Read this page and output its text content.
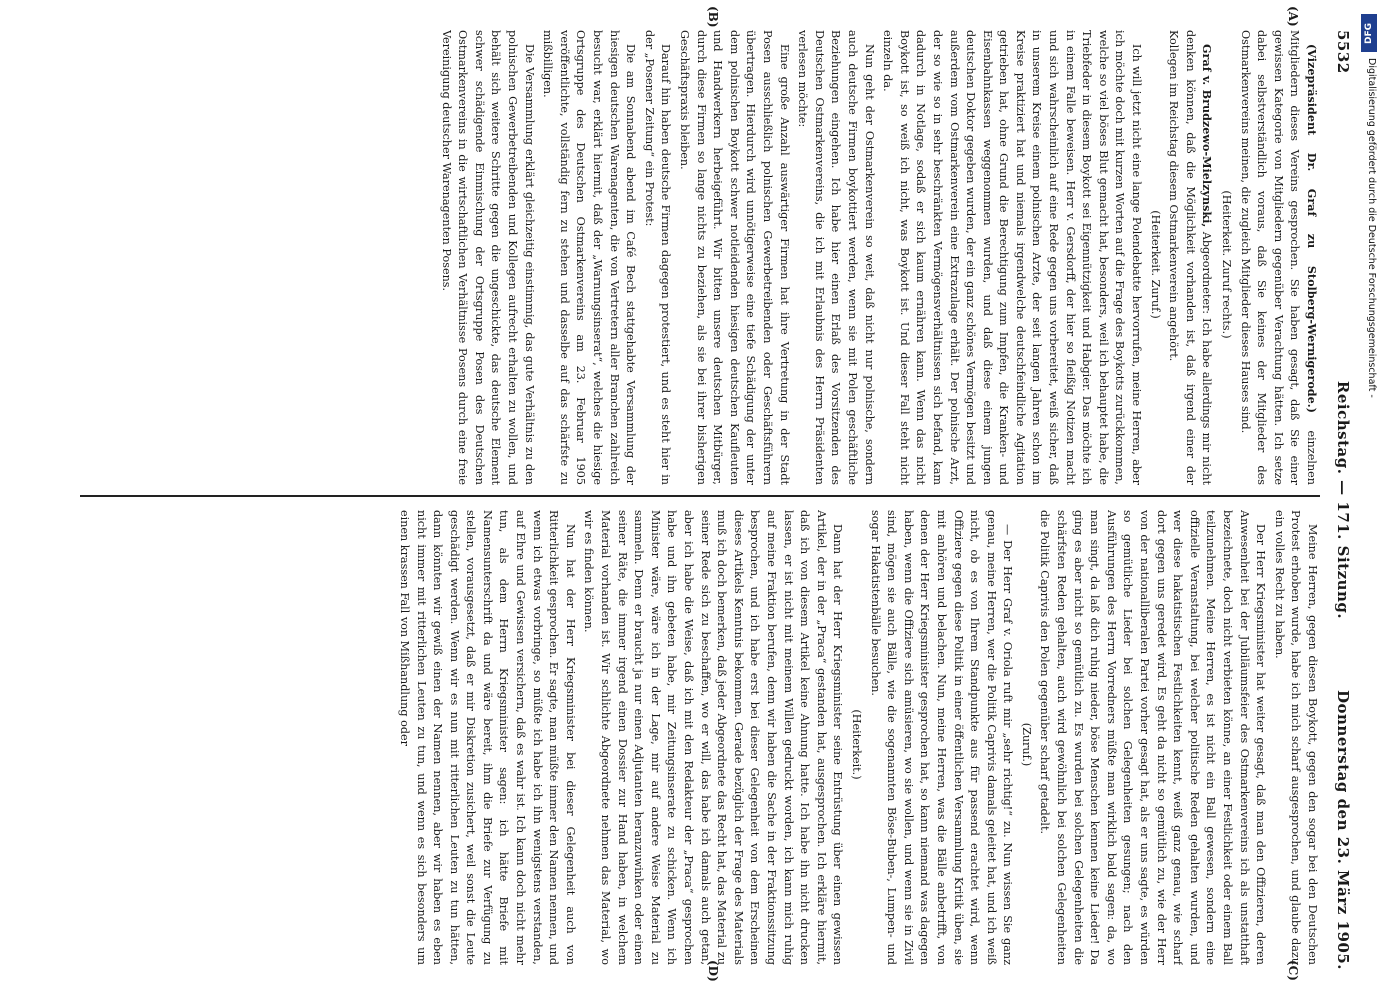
5532
Reichstag. — 171. Sitzung.
Donnerstag den 23. März 1905.
(A)
(B)
(C)
(D)

(Vizepräsident Dr. Graf zu Stolberg-Wernigerode.) einzelnen Mitgliedern dieses Vereins gesprochen. Sie haben gesagt, daß Sie einer gewissen Kategorie von Mitgliedern gegenüber Verachtung hätten. Ich setze dabei selbstverständlich voraus, daß Sie keines der Mitglieder des Ostmarkenvereins meinen, die zugleich Mitglieder dieses Hauses sind.

(Heiterkeit. Zuruf rechts.)

Graf v. Brudzewo-Mielzynski, Abgeordneter: Ich habe allerdings mir nicht denken können, daß die Möglichkeit vorhanden ist, daß irgend einer der Kollegen im Reichstag diesem Ostmarkenverein angehört.

(Heiterkeit. Zuruf.)

Ich will jetzt nicht eine lange Polendebatte hervorrufen, meine Herren, aber ich möchte doch mit kurzen Worten auf die Frage des Boykotts zurückkommen, welche so viel böses Blut gemacht hat, besonders, weil ich behauptet habe, die Triebfeder in diesem Boykott sei Eigennützigkeit und Habgier. Das möchte ich in einem Falle beweisen. Herr v. Gersdorff, der hier so fleißig Notizen macht und sich wahrscheinlich auf eine Rede gegen uns vorbereitet, weiß sicher, daß in unserem Kreise einem polnischen Arzte, der seit langen Jahren schon im Kreise praktiziert hat und niemals irgendwelche deutschfeindliche Agitation getrieben hat, ohne Grund die Berechtigung zum Impfen, die Kranken- und Eisenbahnkassen weggenommen wurden, und daß diese einem jungen deutschen Doktor gegeben wurden, der ein ganz schönes Vermögen besitzt und außerdem vom Ostmarkenverein eine Extrazulage erhält. Der polnische Arzt, der so wie so in sehr beschränkten Vermögensverhältnissen sich befand, kam dadurch in Notlage, sodaß er sich kaum ernähren kann. Wenn das nicht Boykott ist, so weiß ich nicht, was Boykott ist. Und dieser Fall steht nicht einzeln da.

Nun geht der Ostmarkenverein so weit, daß nicht nur polnische, sondern auch deutsche Firmen boykottiert werden, wenn sie mit Polen geschäftliche Beziehungen eingehen. Ich habe hier einen Erlaß des Vorsitzenden des Deutschen Ostmarkenvereins, die ich mit Erlaubnis des Herrn Präsidenten verlesen möchte:

Eine große Anzahl auswärtiger Firmen hat ihre Vertretung in der Stadt Posen ausschließlich polnischen Gewerbetreibenden oder Geschäftsführern übertragen. Hierdurch wird unnötigerweise eine tiefe Schädigung der unter dem polnischen Boykott schwer notleidenden hiesigen deutschen Kaufleuten und Handwerkern herbeigeführt. Wir bitten unsere deutschen Mitbürger, durch diese Firmen so lange nichts zu beziehen, als sie bei ihrer bisherigen Geschäftspraxis bleiben.

Darauf hin haben deutsche Firmen dagegen protestiert, und es steht hier in der „Posener Zeitung“ ein Protest:

Die am Sonnabend abend im Café Bech stattgehabte Versammlung der hiesigen deutschen Warenagenten, die von Vertretern aller Branchen zahlreich besucht war, erklärt hiermit, daß der „Warnungsinserat“, welches die hiesige Ortsgruppe des Deutschen Ostmarkenvereins am 23. Februar 1905 veröffentlichte, vollständig fern zu stehen und dasselbe auf das schärfste zu mißbilligen.

Die Versammlung erklärt gleichzeitig einstimmig, das gute Verhältnis zu den polnischen Gewerbetreibenden und Kollegen aufrecht erhalten zu wollen, und behält sich weitere Schritte gegen die ungeschickte, das deutsche Element schwer schädigende Einmischung der Ortsgruppe Posen des Deutschen Ostmarkenvereins in die wirtschaftlichen Verhältnisse Posens durch eine freie Vereinigung deutscher Warenagenten Posens.

Meine Herren, gegen diesen Boykott, gegen den sogar bei den Deutschen Protest erhoben wurde, habe ich mich scharf ausgesprochen, und glaube dazu ein volles Recht zu haben.

Der Herr Kriegsminister hat weiter gesagt, daß man den Offizieren, deren Anwesenheit bei der Jubiläumsfeier des Ostmarkenvereins ich als unstatthaft bezeichnete, doch nicht verbieten könne, an einer Festlichkeit oder einem Ball teilzunehmen. Meine Herren, es ist nicht ein Ball gewesen, sondern eine offizielle Veranstaltung, bei welcher politische Reden gehalten wurden, und wer diese hakatistischen Festlichkeiten kennt, weiß ganz genau, wie scharf dort gegen uns geredet wird. Es geht da nicht so gemütlich zu, wie der Herr von der nationalliberalen Partei vorher gesagt hat, als er uns sagte, es würden so gemütliche Lieder bei solchen Gelegenheiten gesungen; nach den Ausführungen des Herrn Vorredners müßte man wirklich bald sagen: da, wo man singt, da laß dich ruhig nieder, böse Menschen kennen keine Lieder! Da ging es aber nicht so gemütlich zu. Es wurden bei solchen Gelegenheiten die schärfsten Reden gehalten, auch wird gewöhnlich bei solchen Gelegenheiten die Politik Caprivis den Polen gegenüber scharf getadelt.

(Zuruf.)

— Der Herr Graf v. Oriola ruft mir „sehr richtig!“ zu. Nun wissen Sie ganz genau, meine Herren, wer die Politik Caprivis damals geleitet hat, und ich weiß nicht, ob es von Ihrem Standpunkte aus für passend erachtet wird, wenn Offiziere gegen diese Politik in einer öffentlichen Versammlung Kritik üben, sie mit anhören und belachen. Nun, meine Herren, was die Bälle anbetrifft, von denen der Herr Kriegsminister gesprochen hat, so kann niemand was dagegen haben, wenn die Offiziere sich amüsieren, wo sie wollen, und wenn sie in Zivil sind, mögen sie auch Bälle, wie die sogenannten Böse-Buben-, Lumpen- und sogar Hakatistenbälle besuchen.

(Heiterkeit.)

Dann hat der Herr Kriegsminister seine Entrüstung über einen gewissen Artikel, der in der „Praca“ gestanden hat, ausgesprochen. Ich erkläre hiermit, daß ich von diesem Artikel keine Ahnung hatte. Ich habe ihn nicht drucken lassen, er ist nicht mit meinem Willen gedruckt worden, ich kann mich ruhig auf meine Fraktion berufen, denn wir haben die Sache in der Fraktionssitzung besprochen, und ich habe erst bei dieser Gelegenheit von dem Erscheinen dieses Artikels Kenntnis bekommen. Gerade bezüglich der Frage des Materials muß ich doch bemerken, daß jeder Abgeordnete das Recht hat, das Material zu seiner Rede sich zu beschaffen, wo er will, das habe ich damals auch getan, aber ich habe die Weise, daß ich mit den Redakteur der „Praca“ gesprochen habe und ihn gebeten habe, mir Zeitungsinserate zu schicken. Wenn ich Minister wäre, wäre ich in der Lage, mir auf andere Weise Material zu sammeln. Denn er braucht ja nur einen Adjutanten heranzuwinken oder einen seiner Räte, die immer irgend einen Dossier zur Hand haben, in welchem Material vorhanden ist. Wir schlichte Abgeordnete nehmen das Material, wo wir es finden können.

Nun hat der Herr Kriegsminister bei dieser Gelegenheit auch von Ritterlichkeit gesprochen. Er sagte, man müßte immer den Namen nennen, und wenn ich etwas vorbringe, so müßte ich habe ich ihn wenigstens verstanden, auf Ehre und Gewissen versichern, daß es wahr ist. Ich kann doch nicht mehr tun, als dem Herrn Kriegsminister sagen: ich hätte Briefe mit Namensunterschrift da und wäre bereit, ihm die Briefe zur Verfügung zu stellen, vorausgesetzt, daß er mir Diskretion zusichert, weil sonst die Leute geschädigt werden. Wenn wir es nun mit ritterlichen Leuten zu tun hätten, dann könnten wir gewiß einen der Namen nennen, aber wir haben es eben nicht immer mit ritterlichen Leuten zu tun, und wenn es sich besonders um einen krassen Fall von Mißhandlung oder

DFG
Digitalisierung gefördert durch die Deutsche Forschungsgemeinschaft -
